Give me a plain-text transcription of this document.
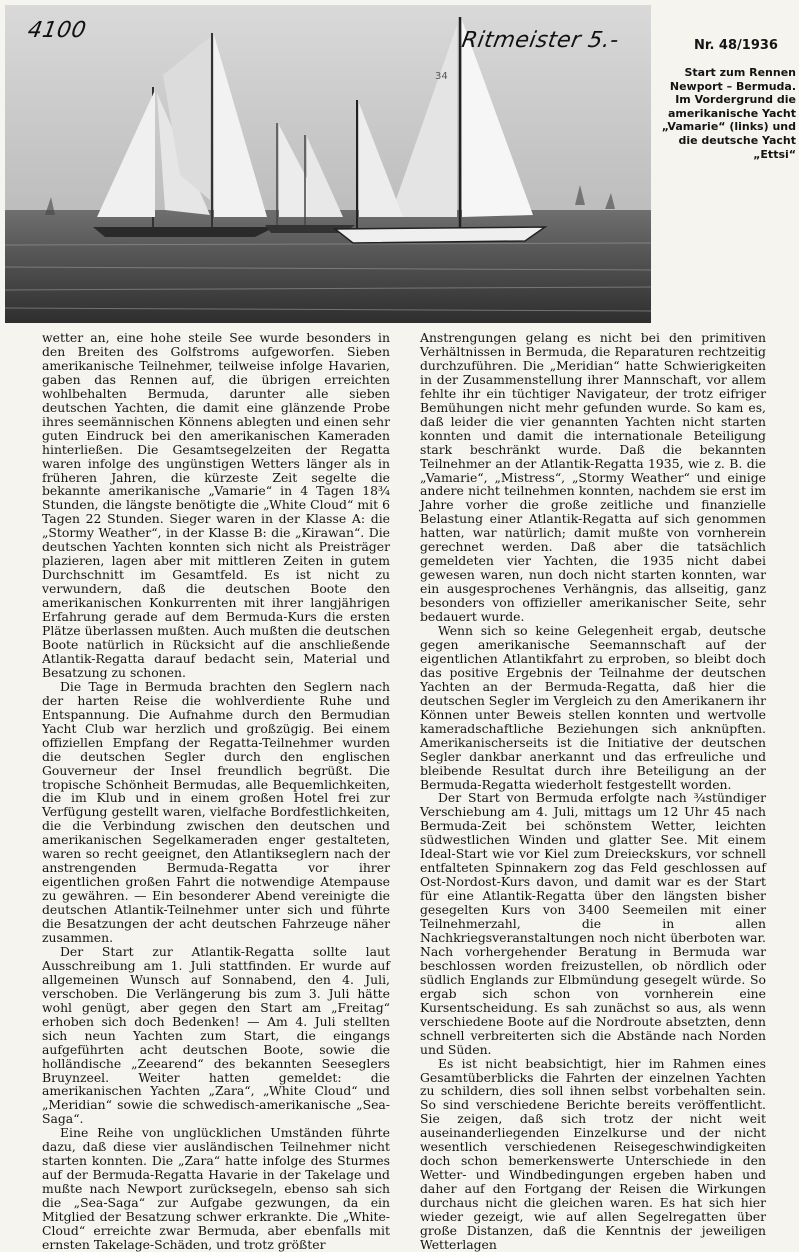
34
4100	Ritmeister 5.-	Nr. 48/1936
Start zum Rennen Newport – Bermuda. Im Vordergrund die amerikanische Yacht „Vamarie“ (links) und die deutsche Yacht „Ettsi“

wetter an, eine hohe steile See wurde besonders in den Breiten des Golfstroms aufgeworfen. Sieben amerikanische Teilnehmer, teilweise infolge Havarien, gaben das Rennen auf, die übrigen erreichten wohlbehalten Bermuda, darunter alle sieben deutschen Yachten, die damit eine glänzende Probe ihres seemännischen Könnens ablegten und einen sehr guten Eindruck bei den amerikanischen Kameraden hinterließen. Die Gesamtsegelzeiten der Regatta waren infolge des ungünstigen Wetters länger als in früheren Jahren, die kürzeste Zeit segelte die bekannte amerikanische „Vamarie“ in 4 Tagen 18¾ Stunden, die längste benötigte die „White Cloud“ mit 6 Tagen 22 Stunden. Sieger waren in der Klasse A: die „Stormy Weather“, in der Klasse B: die „Kirawan“. Die deutschen Yachten konnten sich nicht als Preisträger plazieren, lagen aber mit mittleren Zeiten in gutem Durchschnitt im Gesamtfeld. Es ist nicht zu verwundern, daß die deutschen Boote den amerikanischen Konkurrenten mit ihrer langjährigen Erfahrung gerade auf dem Bermuda-Kurs die ersten Plätze überlassen mußten. Auch mußten die deutschen Boote natürlich in Rücksicht auf die anschließende Atlantik-Regatta darauf bedacht sein, Material und Besatzung zu schonen.

Die Tage in Bermuda brachten den Seglern nach der harten Reise die wohlverdiente Ruhe und Entspannung. Die Aufnahme durch den Bermudian Yacht Club war herzlich und großzügig. Bei einem offiziellen Empfang der Regatta-Teilnehmer wurden die deutschen Segler durch den englischen Gouverneur der Insel freundlich begrüßt. Die tropische Schönheit Bermudas, alle Bequemlichkeiten, die im Klub und in einem großen Hotel frei zur Verfügung gestellt waren, vielfache Bordfestlichkeiten, die die Verbindung zwischen den deutschen und amerikanischen Segelkameraden enger gestalteten, waren so recht geeignet, den Atlantikseglern nach der anstrengenden Bermuda-Regatta vor ihrer eigentlichen großen Fahrt die notwendige Atempause zu gewähren. — Ein besonderer Abend vereinigte die deutschen Atlantik-Teilnehmer unter sich und führte die Besatzungen der acht deutschen Fahrzeuge näher zusammen.

Der Start zur Atlantik-Regatta sollte laut Ausschreibung am 1. Juli stattfinden. Er wurde auf allgemeinen Wunsch auf Sonnabend, den 4. Juli, verschoben. Die Verlängerung bis zum 3. Juli hätte wohl genügt, aber gegen den Start am „Freitag“ erhoben sich doch Bedenken! — Am 4. Juli stellten sich neun Yachten zum Start, die eingangs aufgeführten acht deutschen Boote, sowie die holländische „Zeearend“ des bekannten Seeseglers Bruynzeel. Weiter hatten gemeldet: die amerikanischen Yachten „Zara“, „White Cloud“ und „Meridian“ sowie die schwedisch-amerikanische „Sea-Saga“.

Eine Reihe von unglücklichen Umständen führte dazu, daß diese vier ausländischen Teilnehmer nicht starten konnten. Die „Zara“ hatte infolge des Sturmes auf der Bermuda-Regatta Havarie in der Takelage und mußte nach Newport zurücksegeln, ebenso sah sich die „Sea-Saga“ zur Aufgabe gezwungen, da ein Mitglied der Besatzung schwer erkrankte. Die „White-Cloud“ erreichte zwar Bermuda, aber ebenfalls mit ernsten Takelage-Schäden, und trotz größter

Anstrengungen gelang es nicht bei den primitiven Verhältnissen in Bermuda, die Reparaturen rechtzeitig durchzuführen. Die „Meridian“ hatte Schwierigkeiten in der Zusammenstellung ihrer Mannschaft, vor allem fehlte ihr ein tüchtiger Navigateur, der trotz eifriger Bemühungen nicht mehr gefunden wurde. So kam es, daß leider die vier genannten Yachten nicht starten konnten und damit die internationale Beteiligung stark beschränkt wurde. Daß die bekannten Teilnehmer an der Atlantik-Regatta 1935, wie z. B. die „Vamarie“, „Mistress“, „Stormy Weather“ und einige andere nicht teilnehmen konnten, nachdem sie erst im Jahre vorher die große zeitliche und finanzielle Belastung einer Atlantik-Regatta auf sich genommen hatten, war natürlich; damit mußte von vornherein gerechnet werden. Daß aber die tatsächlich gemeldeten vier Yachten, die 1935 nicht dabei gewesen waren, nun doch nicht starten konnten, war ein ausgesprochenes Verhängnis, das allseitig, ganz besonders von offizieller amerikanischer Seite, sehr bedauert wurde.

Wenn sich so keine Gelegenheit ergab, deutsche gegen amerikanische Seemannschaft auf der eigentlichen Atlantikfahrt zu erproben, so bleibt doch das positive Ergebnis der Teilnahme der deutschen Yachten an der Bermuda-Regatta, daß hier die deutschen Segler im Vergleich zu den Amerikanern ihr Können unter Beweis stellen konnten und wertvolle kameradschaftliche Beziehungen sich anknüpften. Amerikanischerseits ist die Initiative der deutschen Segler dankbar anerkannt und das erfreuliche und bleibende Resultat durch ihre Beteiligung an der Bermuda-Regatta wiederholt festgestellt worden.

Der Start von Bermuda erfolgte nach ¾stündiger Verschiebung am 4. Juli, mittags um 12 Uhr 45 nach Bermuda-Zeit bei schönstem Wetter, leichten südwestlichen Winden und glatter See. Mit einem Ideal-Start wie vor Kiel zum Dreieckskurs, vor schnell entfalteten Spinnakern zog das Feld geschlossen auf Ost-Nordost-Kurs davon, und damit war es der Start für eine Atlantik-Regatta über den längsten bisher gesegelten Kurs von 3400 Seemeilen mit einer Teilnehmerzahl, die in allen Nachkriegsveranstaltungen noch nicht überboten war. Nach vorhergehender Beratung in Bermuda war beschlossen worden freizustellen, ob nördlich oder südlich Englands zur Elbmündung gesegelt würde. So ergab sich schon von vornherein eine Kursentscheidung. Es sah zunächst so aus, als wenn verschiedene Boote auf die Nordroute absetzten, denn schnell verbreiterten sich die Abstände nach Norden und Süden.

Es ist nicht beabsichtigt, hier im Rahmen eines Gesamtüberblicks die Fahrten der einzelnen Yachten zu schildern, dies soll ihnen selbst vorbehalten sein. So sind verschiedene Berichte bereits veröffentlicht. Sie zeigen, daß sich trotz der nicht weit auseinanderliegenden Einzelkurse und der nicht wesentlich verschiedenen Reisegeschwindigkeiten doch schon bemerkenswerte Unterschiede in den Wetter- und Windbedingungen ergeben haben und daher auf den Fortgang der Reisen die Wirkungen durchaus nicht die gleichen waren. Es hat sich hier wieder gezeigt, wie auf allen Segelregatten über große Distanzen, daß die Kenntnis der jeweiligen Wetterlagen
